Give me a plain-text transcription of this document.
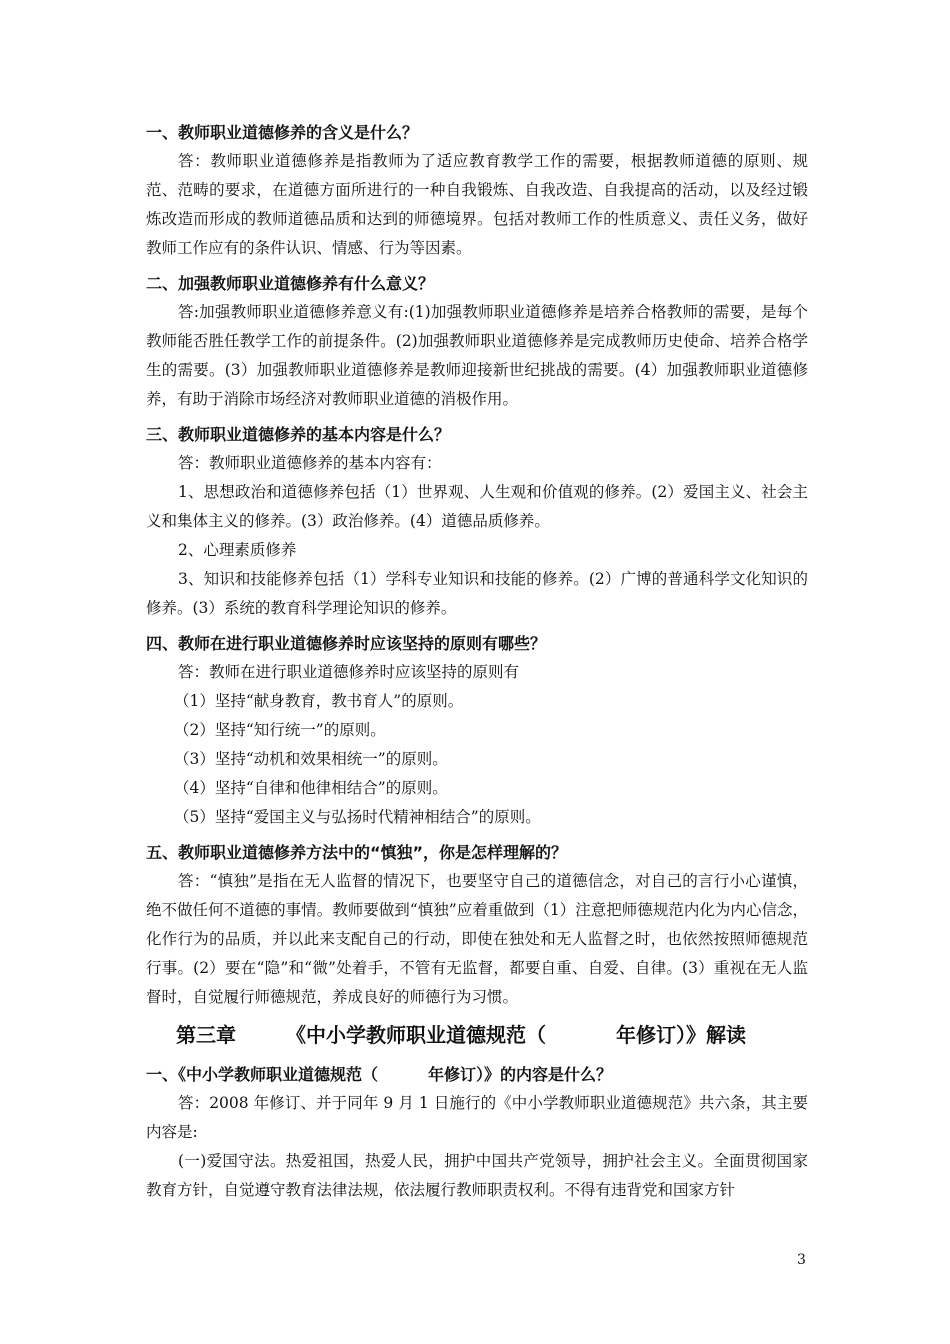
一、教师职业道德修养的含义是什么？

答：教师职业道德修养是指教师为了适应教育教学工作的需要，根据教师道德的原则、规范、范畴的要求，在道德方面所进行的一种自我锻炼、自我改造、自我提高的活动，以及经过锻炼改造而形成的教师道德品质和达到的师德境界。包括对教师工作的性质意义、责任义务，做好教师工作应有的条件认识、情感、行为等因素。

二、加强教师职业道德修养有什么意义？

答:加强教师职业道德修养意义有:(1)加强教师职业道德修养是培养合格教师的需要，是每个教师能否胜任教学工作的前提条件。(2)加强教师职业道德修养是完成教师历史使命、培养合格学生的需要。(3）加强教师职业道德修养是教师迎接新世纪挑战的需要。(4）加强教师职业道德修养，有助于消除市场经济对教师职业道德的消极作用。

三、教师职业道德修养的基本内容是什么？

答：教师职业道德修养的基本内容有：

1、思想政治和道德修养包括（1）世界观、人生观和价值观的修养。(2）爱国主义、社会主义和集体主义的修养。(3）政治修养。(4）道德品质修养。

2、心理素质修养

3、知识和技能修养包括（1）学科专业知识和技能的修养。(2）广博的普通科学文化知识的修养。(3）系统的教育科学理论知识的修养。

四、教师在进行职业道德修养时应该坚持的原则有哪些？

答：教师在进行职业道德修养时应该坚持的原则有

（1）坚持“献身教育，教书育人”的原则。

（2）坚持“知行统一”的原则。

（3）坚持“动机和效果相统一”的原则。

（4）坚持“自律和他律相结合”的原则。

（5）坚持“爱国主义与弘扬时代精神相结合”的原则。

五、教师职业道德修养方法中的“慎独”，你是怎样理解的？

答：“慎独”是指在无人监督的情况下，也要坚守自己的道德信念，对自己的言行小心谨慎，绝不做任何不道德的事情。教师要做到“慎独”应着重做到（1）注意把师德规范内化为内心信念，化作行为的品质，并以此来支配自己的行动，即使在独处和无人监督之时，也依然按照师德规范行事。(2）要在“隐”和“微”处着手，不管有无监督，都要自重、自爱、自律。(3）重视在无人监督时，自觉履行师德规范，养成良好的师德行为习惯。

第三章	《中小学教师职业道德规范（	年修订）》解读

一、《中小学教师职业道德规范（	年修订）》的内容是什么？

答：2008 年修订、并于同年 9 月 1 日施行的《中小学教师职业道德规范》共六条，其主要内容是:

(一)爱国守法。热爱祖国，热爱人民，拥护中国共产党领导，拥护社会主义。全面贯彻国家教育方针，自觉遵守教育法律法规，依法履行教师职责权利。不得有违背党和国家方针

3
